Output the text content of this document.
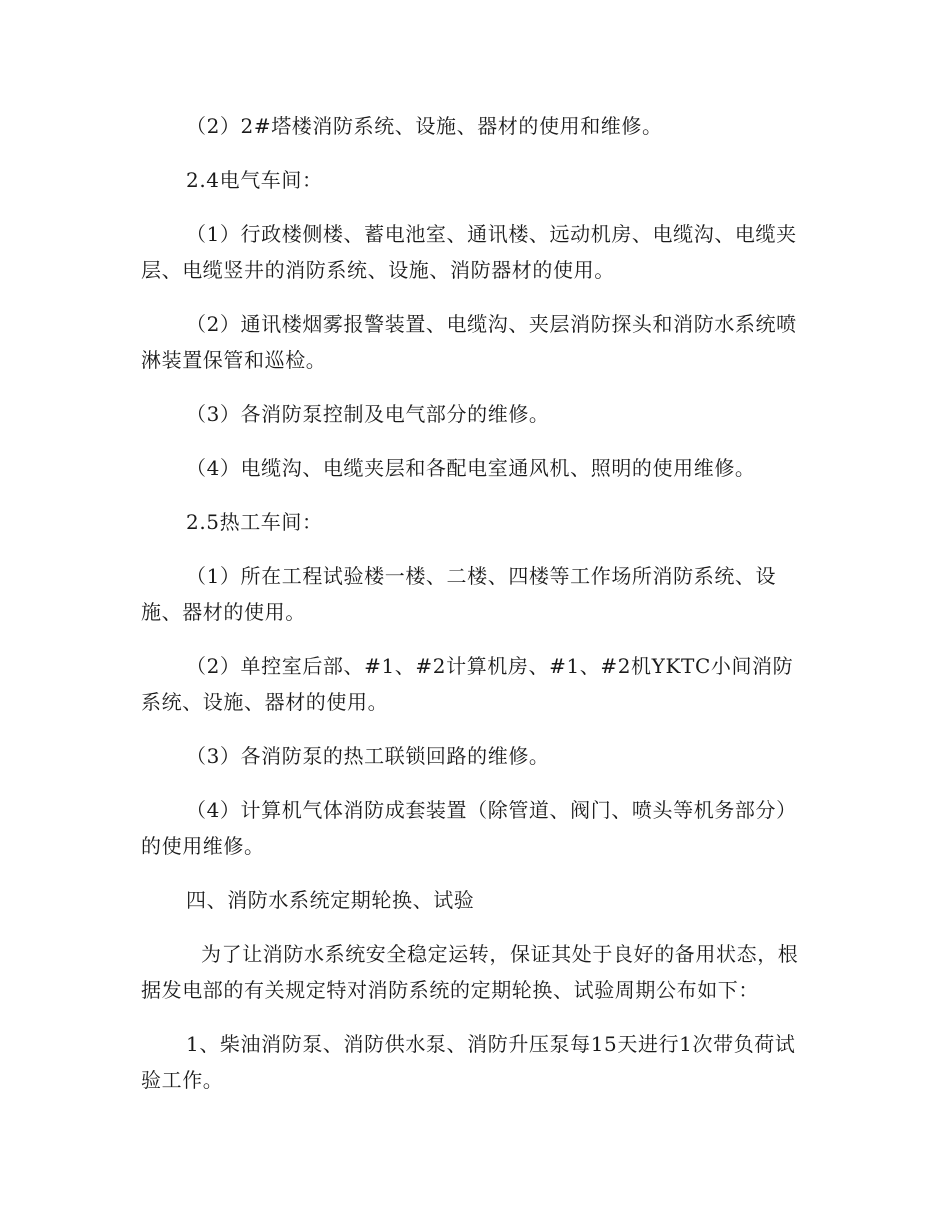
（2）2#塔楼消防系统、设施、器材的使用和维修。

2.4电气车间：

（1）行政楼侧楼、蓄电池室、通讯楼、远动机房、电缆沟、电缆夹层、电缆竖井的消防系统、设施、消防器材的使用。

（2）通讯楼烟雾报警装置、电缆沟、夹层消防探头和消防水系统喷淋装置保管和巡检。

（3）各消防泵控制及电气部分的维修。

（4）电缆沟、电缆夹层和各配电室通风机、照明的使用维修。

2.5热工车间：

（1）所在工程试验楼一楼、二楼、四楼等工作场所消防系统、设施、器材的使用。

（2）单控室后部、#1、#2计算机房、#1、#2机YKTC小间消防系统、设施、器材的使用。

（3）各消防泵的热工联锁回路的维修。

（4）计算机气体消防成套装置（除管道、阀门、喷头等机务部分）的使用维修。

四、消防水系统定期轮换、试验

为了让消防水系统安全稳定运转，保证其处于良好的备用状态，根据发电部的有关规定特对消防系统的定期轮换、试验周期公布如下：

1、柴油消防泵、消防供水泵、消防升压泵每15天进行1次带负荷试验工作。
